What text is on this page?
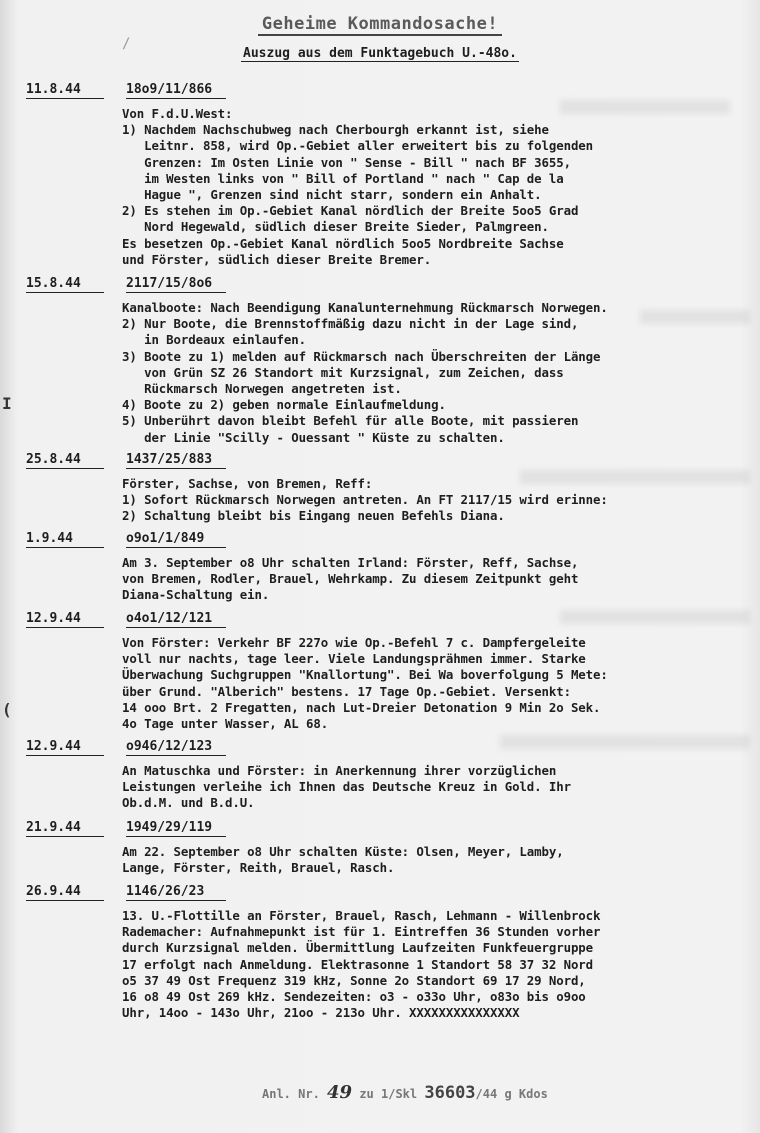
Geheime Kommandosache!
Auszug aus dem Funktagebuch U.-48o.
/
I
(
11.8.44	18o9/11/866
Von F.d.U.West:
1) Nachdem Nachschubweg nach Cherbourgh erkannt ist, siehe
Leitnr. 858, wird Op.-Gebiet aller erweitert bis zu folgenden
Grenzen: Im Osten Linie von " Sense - Bill " nach BF 3655,
im Westen links von " Bill of Portland " nach " Cap de la
Hague ", Grenzen sind nicht starr, sondern ein Anhalt.
2) Es stehen im Op.-Gebiet Kanal nördlich der Breite 5oo5 Grad
Nord Hegewald, südlich dieser Breite Sieder, Palmgreen.
Es besetzen Op.-Gebiet Kanal nördlich 5oo5 Nordbreite Sachse
und Förster, südlich dieser Breite Bremer.
15.8.44	2117/15/8o6
Kanalboote: Nach Beendigung Kanalunternehmung Rückmarsch Norwegen.
2) Nur Boote, die Brennstoffmäßig dazu nicht in der Lage sind,
in Bordeaux einlaufen.
3) Boote zu 1) melden auf Rückmarsch nach Überschreiten der Länge
von Grün SZ 26 Standort mit Kurzsignal, zum Zeichen, dass
Rückmarsch Norwegen angetreten ist.
4) Boote zu 2) geben normale Einlaufmeldung.
5) Unberührt davon bleibt Befehl für alle Boote, mit passieren
der Linie "Scilly - Ouessant " Küste zu schalten.
25.8.44	1437/25/883
Förster, Sachse, von Bremen, Reff:
1) Sofort Rückmarsch Norwegen antreten. An FT 2117/15 wird erinne:
2) Schaltung bleibt bis Eingang neuen Befehls Diana.
1.9.44	o9o1/1/849
Am 3. September o8 Uhr schalten Irland: Förster, Reff, Sachse,
von Bremen, Rodler, Brauel, Wehrkamp. Zu diesem Zeitpunkt geht
Diana-Schaltung ein.
12.9.44	o4o1/12/121
Von Förster: Verkehr BF 227o wie Op.-Befehl 7 c. Dampfergeleite
voll nur nachts, tage leer. Viele Landungsprähmen immer. Starke
Überwachung Suchgruppen "Knallortung". Bei Wa boverfolgung 5 Mete:
über Grund. "Alberich" bestens. 17 Tage Op.-Gebiet. Versenkt:
14 ooo Brt. 2 Fregatten, nach Lut-Dreier Detonation 9 Min 2o Sek.
4o Tage unter Wasser, AL 68.
12.9.44	o946/12/123
An Matuschka und Förster: in Anerkennung ihrer vorzüglichen
Leistungen verleihe ich Ihnen das Deutsche Kreuz in Gold. Ihr
Ob.d.M. und B.d.U.
21.9.44	1949/29/119
Am 22. September o8 Uhr schalten Küste: Olsen, Meyer, Lamby,
Lange, Förster, Reith, Brauel, Rasch.
26.9.44	1146/26/23
13. U.-Flottille an Förster, Brauel, Rasch, Lehmann - Willenbrock
Rademacher: Aufnahmepunkt ist für 1. Eintreffen 36 Stunden vorher
durch Kurzsignal melden. Übermittlung Laufzeiten Funkfeuergruppe
17 erfolgt nach Anmeldung. Elektrasonne 1 Standort 58 37 32 Nord
o5 37 49 Ost Frequenz 319 kHz, Sonne 2o Standort 69 17 29 Nord,
16 o8 49 Ost 269 kHz. Sendezeiten: o3 - o33o Uhr, o83o bis o9oo
Uhr, 14oo - 143o Uhr, 21oo - 213o Uhr. XXXXXXXXXXXXXXX
Anl. Nr. 49 zu 1/Skl 36603/44 g Kdos
